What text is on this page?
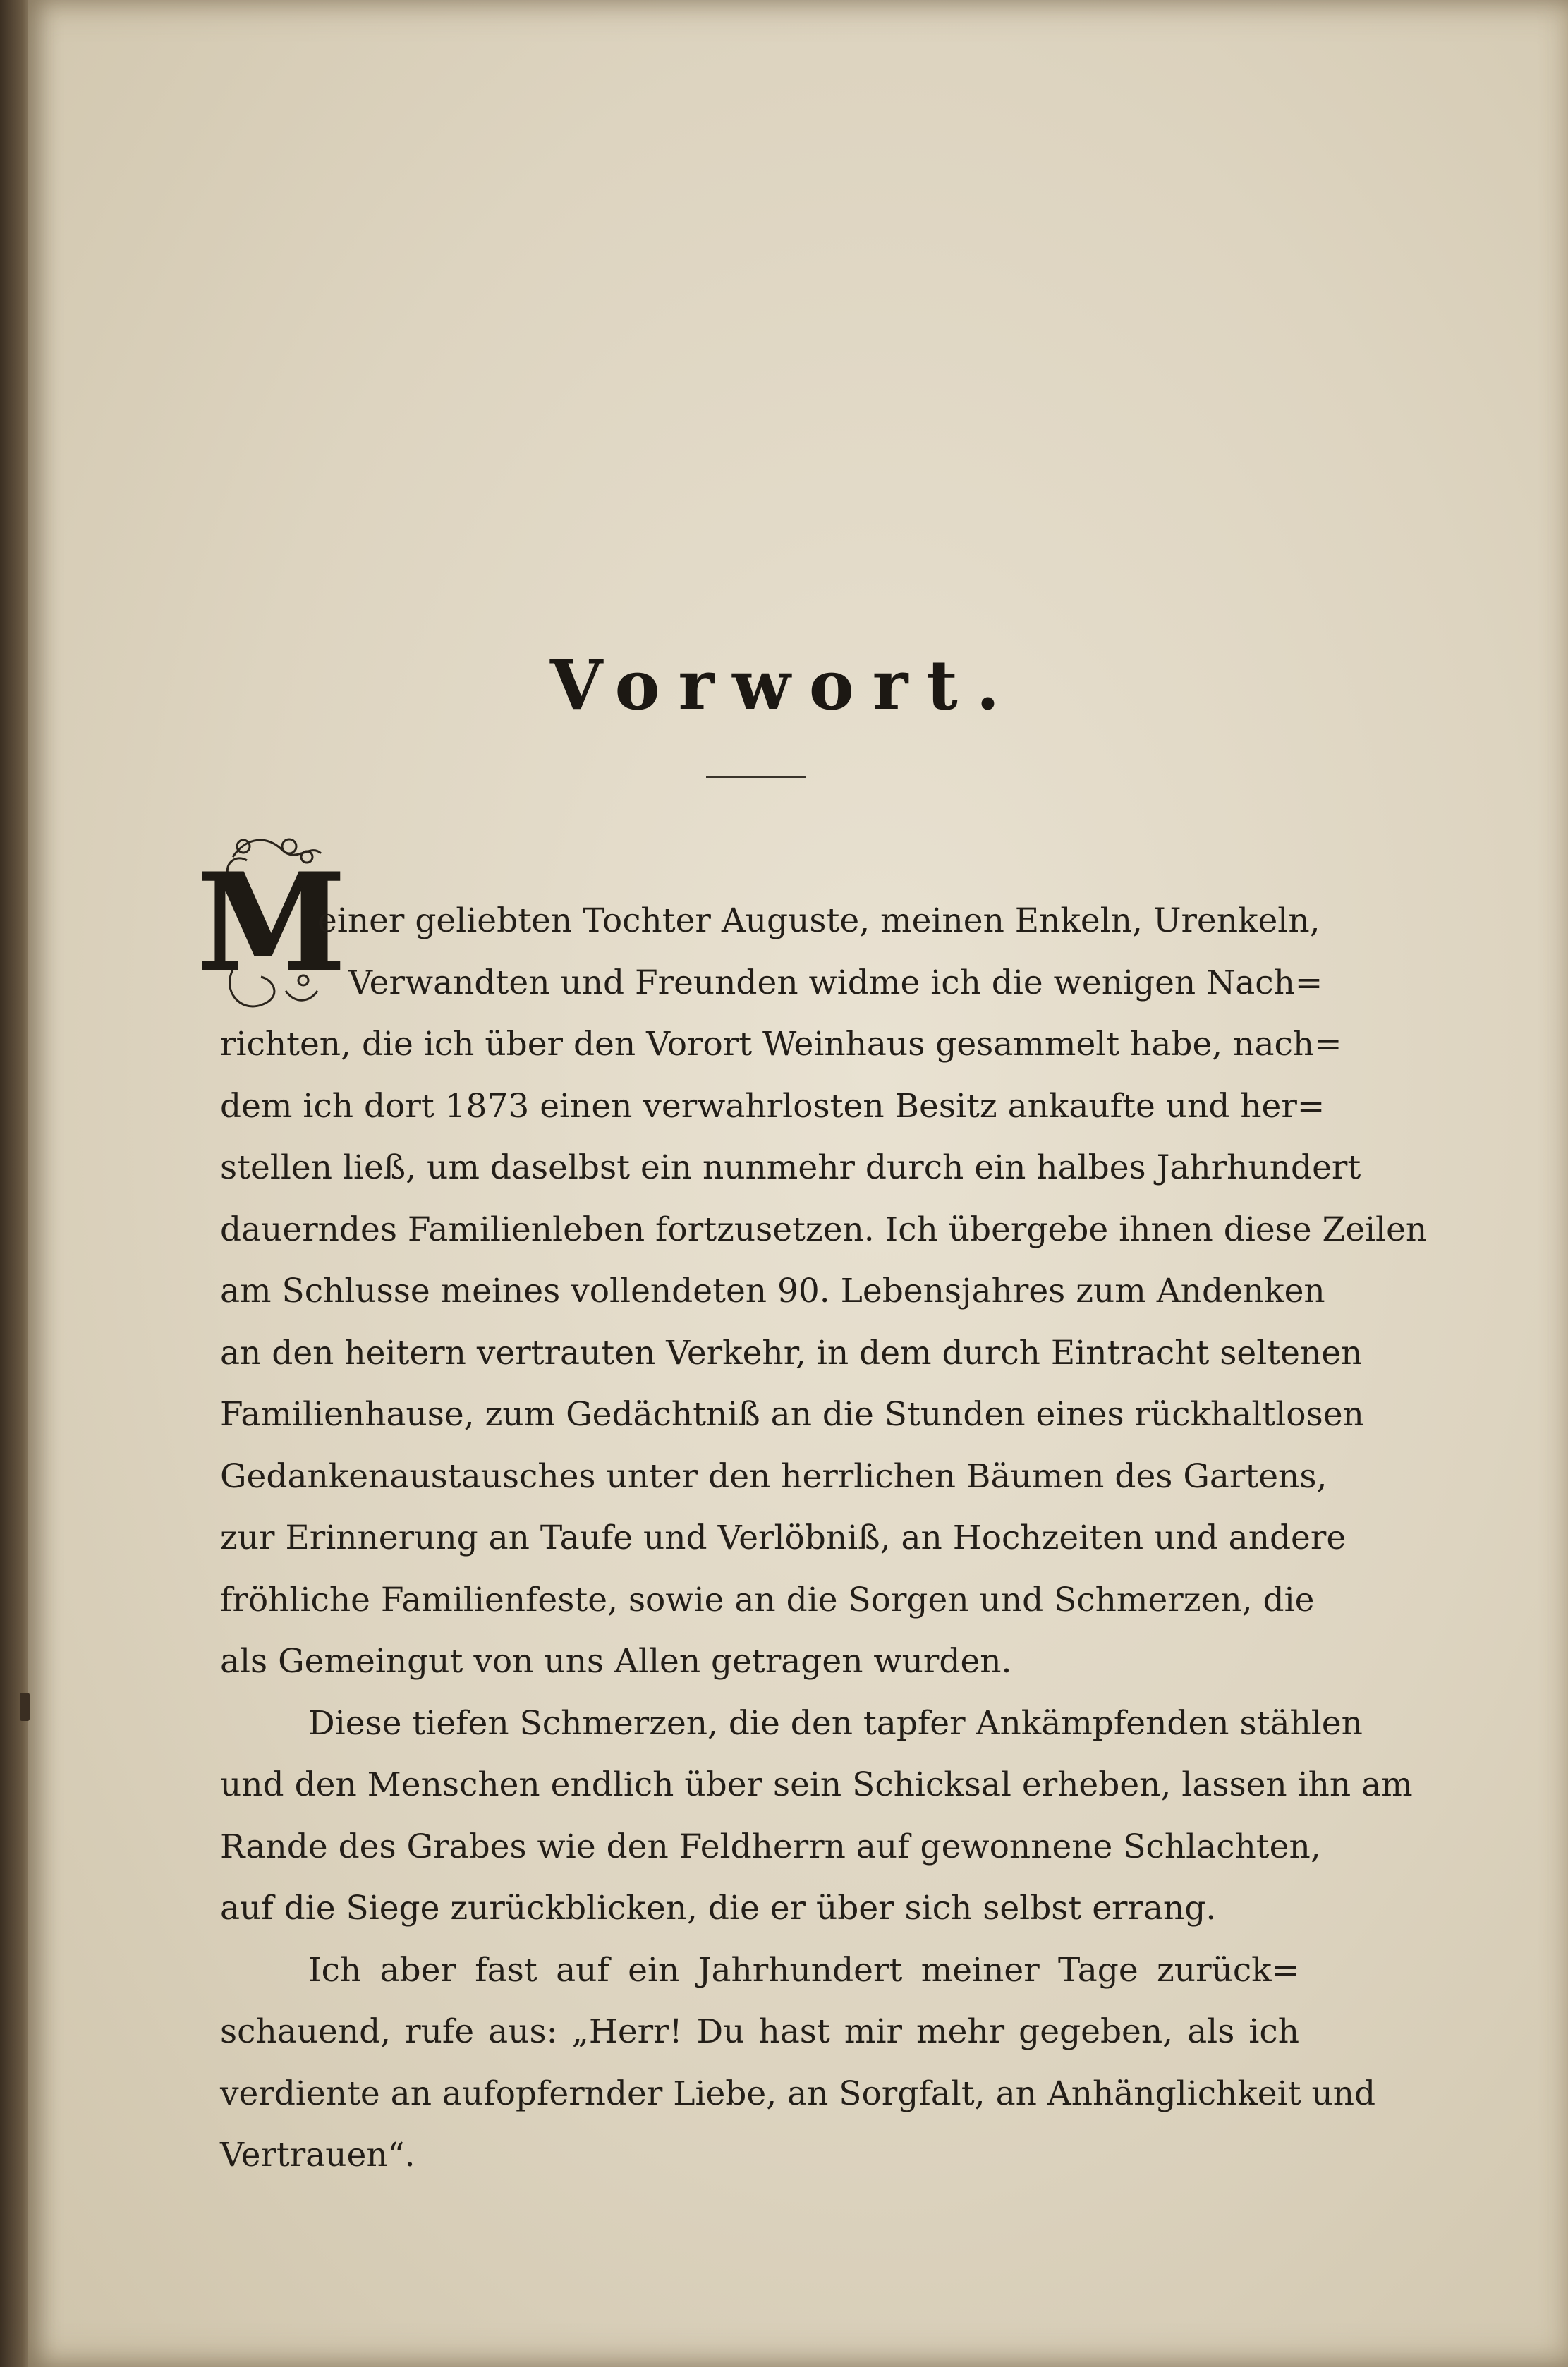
Vorwort.
M
einer geliebten Tochter Auguste, meinen Enkeln, Urenkeln,
Verwandten und Freunden widme ich die wenigen Nach=
richten, die ich über den Vorort Weinhaus gesammelt habe, nach=
dem ich dort 1873 einen verwahrlosten Besitz ankaufte und her=
stellen ließ, um daselbst ein nunmehr durch ein halbes Jahrhundert
dauerndes Familienleben fortzusetzen. Ich übergebe ihnen diese Zeilen
am Schlusse meines vollendeten 90. Lebensjahres zum Andenken
an den heitern vertrauten Verkehr, in dem durch Eintracht seltenen
Familienhause, zum Gedächtniß an die Stunden eines rückhaltlosen
Gedankenaustausches unter den herrlichen Bäumen des Gartens,
zur Erinnerung an Taufe und Verlöbniß, an Hochzeiten und andere
fröhliche Familienfeste, sowie an die Sorgen und Schmerzen, die
als Gemeingut von uns Allen getragen wurden.
Diese tiefen Schmerzen, die den tapfer Ankämpfenden stählen
und den Menschen endlich über sein Schicksal erheben, lassen ihn am
Rande des Grabes wie den Feldherrn auf gewonnene Schlachten,
auf die Siege zurückblicken, die er über sich selbst errang.
Ich aber fast auf ein Jahrhundert meiner Tage zurück=
schauend, rufe aus: „Herr! Du hast mir mehr gegeben, als ich
verdiente an aufopfernder Liebe, an Sorgfalt, an Anhänglichkeit und
Vertrauen“.
